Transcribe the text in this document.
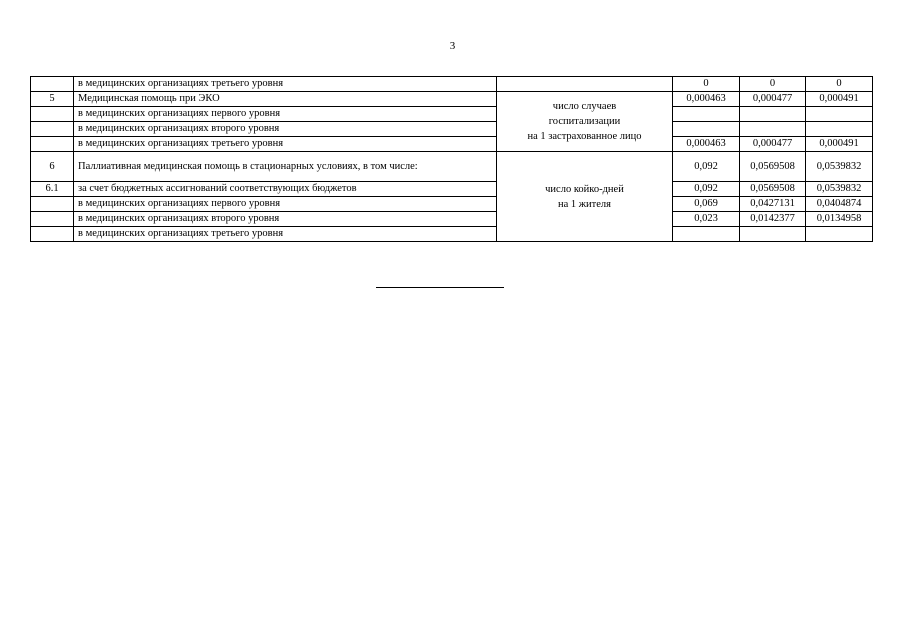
3
	в медицинских организациях третьего уровня		0	0	0
5	Медицинская помощь при ЭКО	число случаев
госпитализации
на 1 застрахованное лицо	0,000463	0,000477	0,000491
	в медицинских организациях первого уровня				
	в медицинских организациях второго уровня				
	в медицинских организациях третьего уровня		0,000463	0,000477	0,000491
6	Паллиативная медицинская помощь в стационарных условиях, в том числе:	число койко-дней
на 1 жителя	0,092	0,0569508	0,0539832
6.1	за счет бюджетных ассигнований соответствующих бюджетов		0,092	0,0569508	0,0539832
	в медицинских организациях первого уровня		0,069	0,0427131	0,0404874
	в медицинских организациях второго уровня		0,023	0,0142377	0,0134958
	в медицинских организациях третьего уровня				
